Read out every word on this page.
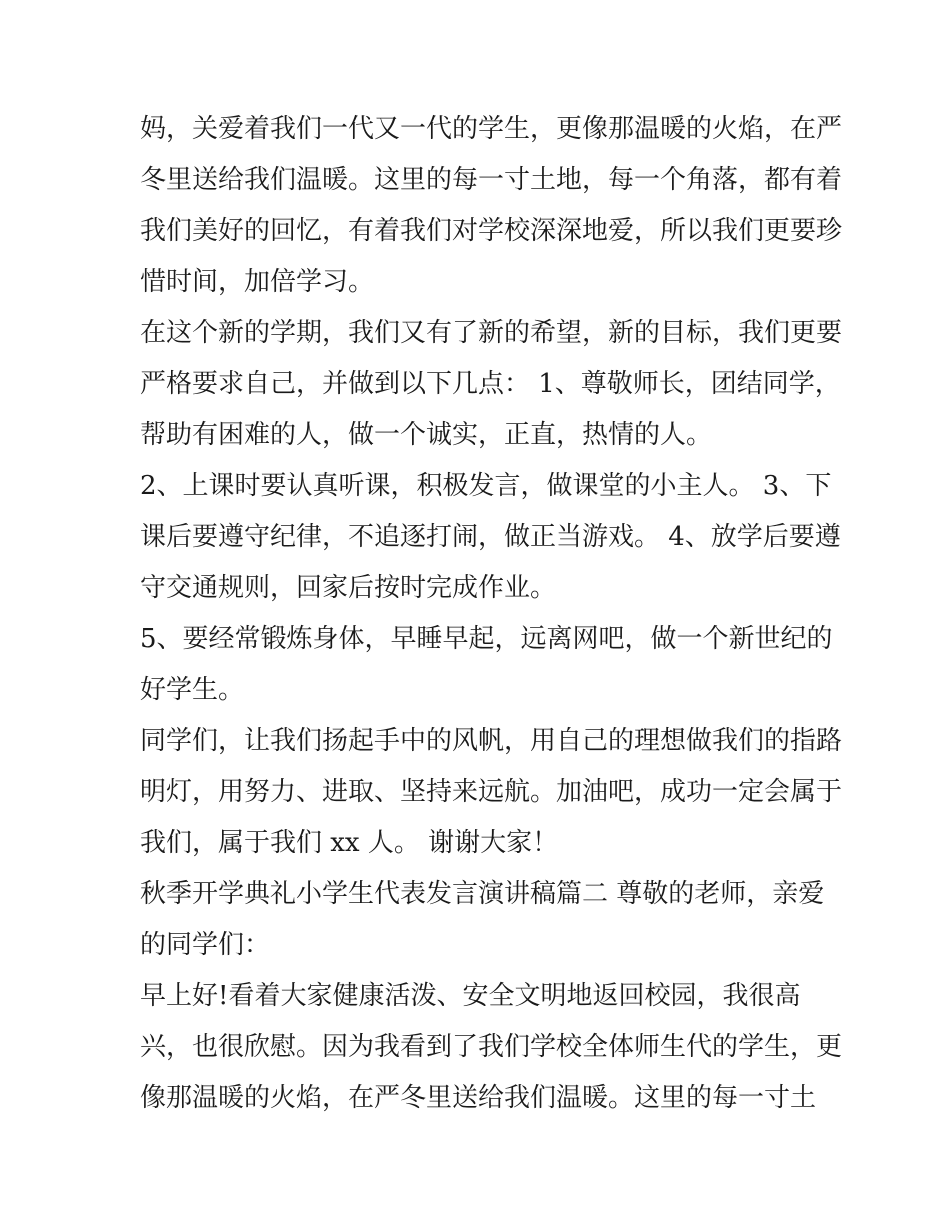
妈，关爱着我们一代又一代的学生，更像那温暖的火焰，在严
冬里送给我们温暖。这里的每一寸土地，每一个角落，都有着
我们美好的回忆，有着我们对学校深深地爱，所以我们更要珍
惜时间，加倍学习。
在这个新的学期，我们又有了新的希望，新的目标，我们更要
严格要求自己，并做到以下几点： 1、尊敬师长，团结同学，
帮助有困难的人，做一个诚实，正直，热情的人。
2、上课时要认真听课，积极发言，做课堂的小主人。 3、下
课后要遵守纪律，不追逐打闹，做正当游戏。 4、放学后要遵
守交通规则，回家后按时完成作业。
5、要经常锻炼身体，早睡早起，远离网吧，做一个新世纪的
好学生。
同学们，让我们扬起手中的风帆，用自己的理想做我们的指路
明灯，用努力、进取、坚持来远航。加油吧，成功一定会属于
我们，属于我们 xx 人。 谢谢大家！
秋季开学典礼小学生代表发言演讲稿篇二 尊敬的老师，亲爱
的同学们：
早上好!看着大家健康活泼、安全文明地返回校园，我很高
兴，也很欣慰。因为我看到了我们学校全体师生代的学生，更
像那温暖的火焰，在严冬里送给我们温暖。这里的每一寸土
